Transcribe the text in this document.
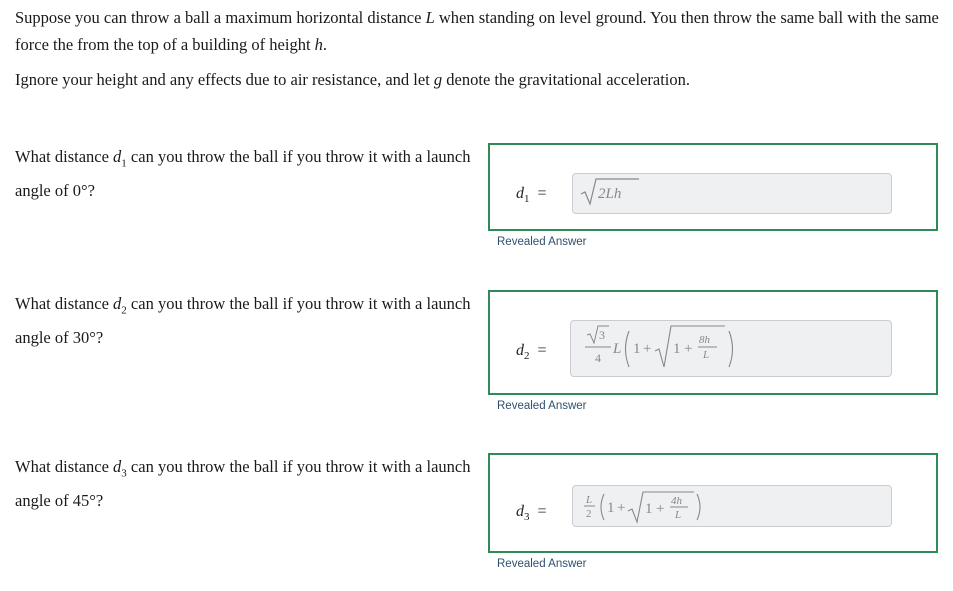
Suppose you can throw a ball a maximum horizontal distance L when standing on level ground. You then throw the same ball with the same force the from the top of a building of height h.

Ignore your height and any effects due to air resistance, and let g denote the gravitational acceleration.

What distance $d_1$ can you throw the ball if you throw it with a launch angle of 0°?	$d_1$ =	2Lh
Revealed Answer
What distance $d_2$ can you throw the ball if you throw it with a launch angle of 30°?
$d_2$ =
3
4
L 1 + 1 +
8h
L
Revealed Answer
What distance $d_3$ can you throw the ball if you throw it with a launch angle of 45°?
$d_3$ =
L
2 1 + 1 + 4h
L
Revealed Answer
